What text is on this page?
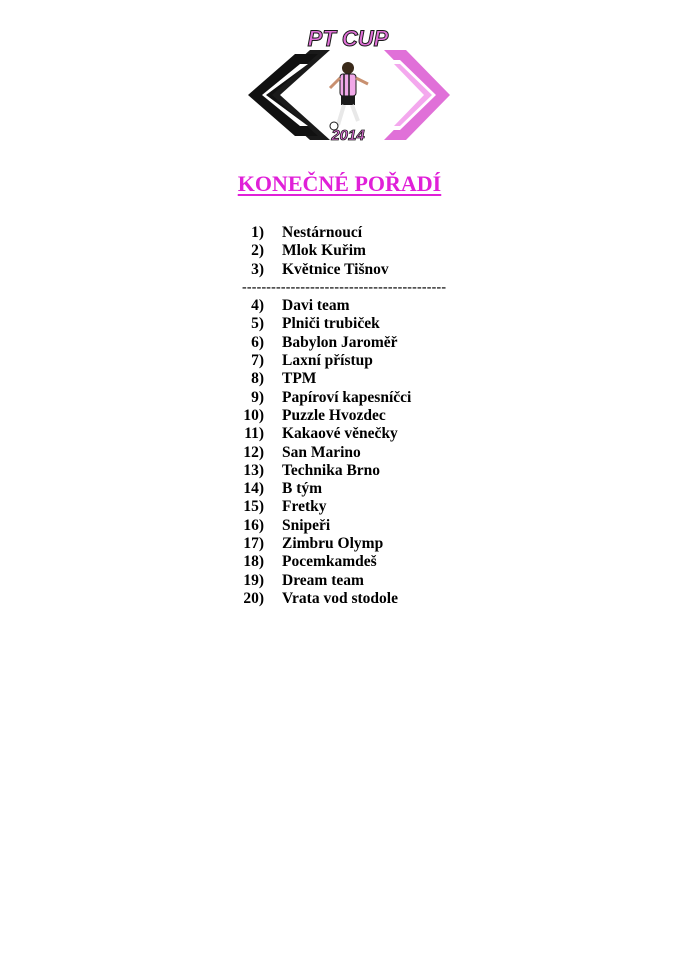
PT CUP
2014
KONEČNÉ POŘADÍ
1) Nestárnoucí
2) Mlok Kuřim
3) Květnice Tišnov
------------------------------------------
4) Davi team
5) Plniči trubiček
6) Babylon Jaroměř
7) Laxní přístup
8) TPM
9) Papíroví kapesníčci
10) Puzzle Hvozdec
11) Kakaové věnečky
12) San Marino
13) Technika Brno
14) B tým
15) Fretky
16) Snipeři
17) Zimbru Olymp
18) Pocemkamdeš
19) Dream team
20) Vrata vod stodole
